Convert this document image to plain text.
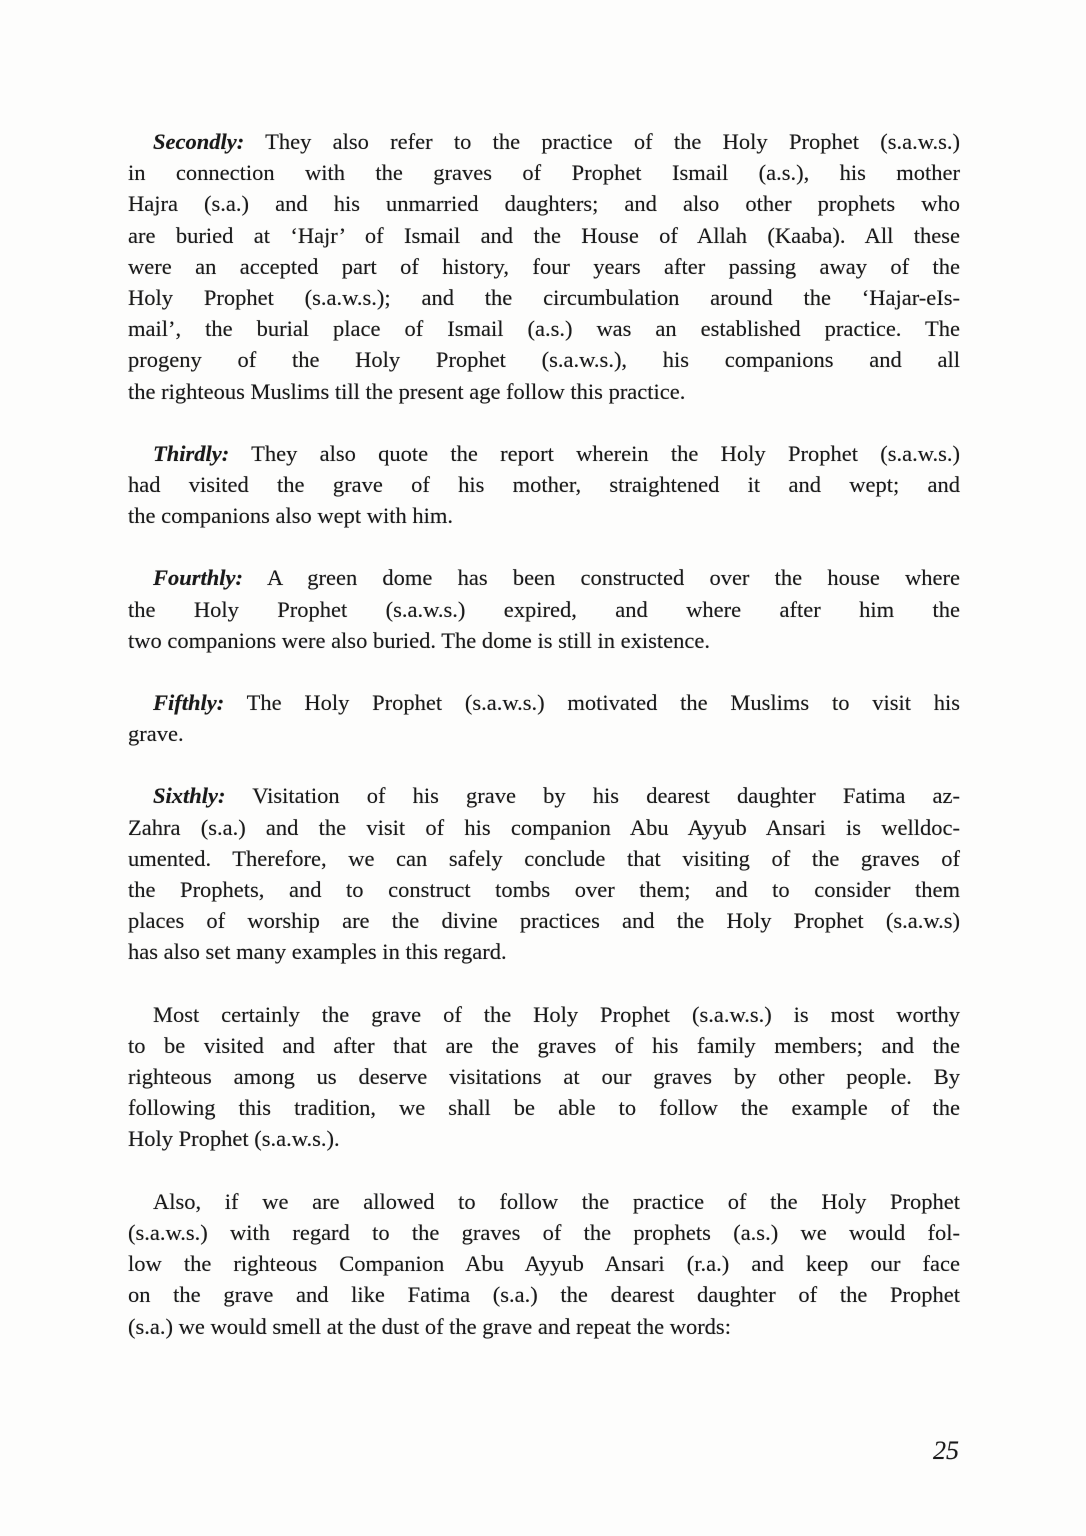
Secondly: They also refer to the practice of the Holy Prophet (s.a.w.s.)
in connection with the graves of Prophet Ismail (a.s.), his mother
Hajra (s.a.) and his unmarried daughters; and also other prophets who
are buried at ‘Hajr’ of Ismail and the House of Allah (Kaaba). All these
were an accepted part of history, four years after passing away of the
Holy Prophet (s.a.w.s.); and the circumbulation around the ‘Hajar-eIs-
mail’, the burial place of Ismail (a.s.) was an established practice. The
progeny of the Holy Prophet (s.a.w.s.), his companions and all
the righteous Muslims till the present age follow this practice.
Thirdly: They also quote the report wherein the Holy Prophet (s.a.w.s.)
had visited the grave of his mother, straightened it and wept; and
the companions also wept with him.
Fourthly: A green dome has been constructed over the house where
the Holy Prophet (s.a.w.s.) expired, and where after him the
two companions were also buried. The dome is still in existence.
Fifthly: The Holy Prophet (s.a.w.s.) motivated the Muslims to visit his
grave.
Sixthly: Visitation of his grave by his dearest daughter Fatima az-
Zahra (s.a.) and the visit of his companion Abu Ayyub Ansari is welldoc-
umented. Therefore, we can safely conclude that visiting of the graves of
the Prophets, and to construct tombs over them; and to consider them
places of worship are the divine practices and the Holy Prophet (s.a.w.s)
has also set many examples in this regard.
Most certainly the grave of the Holy Prophet (s.a.w.s.) is most worthy
to be visited and after that are the graves of his family members; and the
righteous among us deserve visitations at our graves by other people. By
following this tradition, we shall be able to follow the example of the
Holy Prophet (s.a.w.s.).
Also, if we are allowed to follow the practice of the Holy Prophet
(s.a.w.s.) with regard to the graves of the prophets (a.s.) we would fol-
low the righteous Companion Abu Ayyub Ansari (r.a.) and keep our face
on the grave and like Fatima (s.a.) the dearest daughter of the Prophet
(s.a.) we would smell at the dust of the grave and repeat the words:
25
